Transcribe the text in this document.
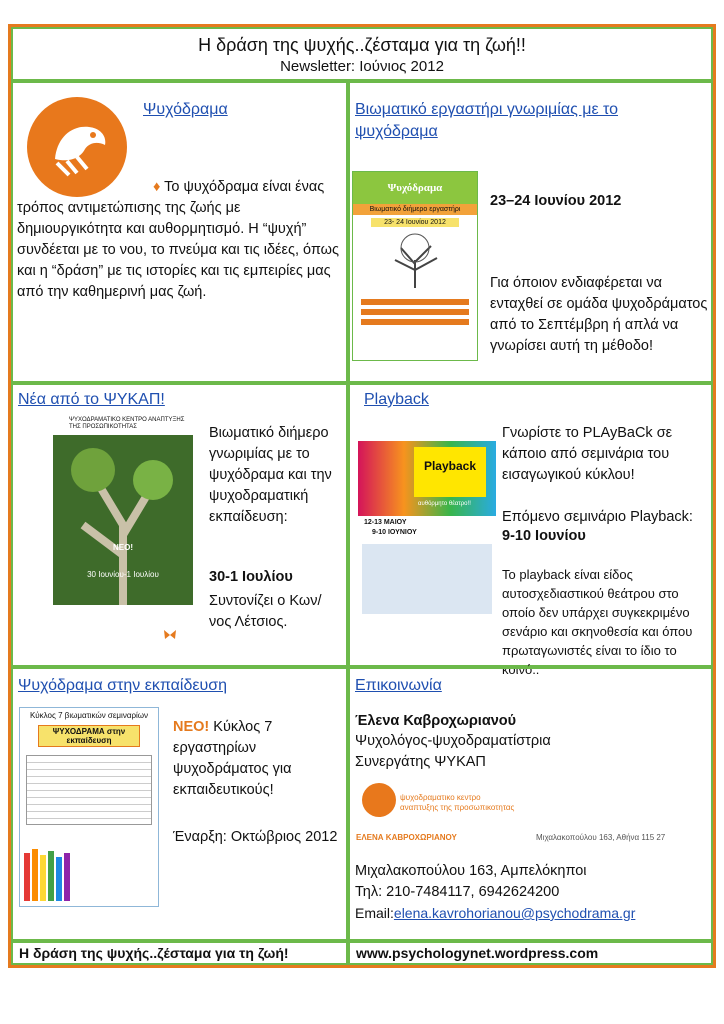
Η δράση της ψυχής..ζέσταμα για τη ζωή!!
Newsletter: Ιούνιος 2012
Ψυχόδραμα

♦ Το ψυχόδραμα είναι ένας

τρόπος αντιμετώπισης της ζωής με δημιουργικότητα και αυθορμητισμό. Η “ψυχή” συνδέεται με το νου, το πνεύμα και τις ιδέες, όπως και η “δράση” με τις ιστορίες και τις εμπειρίες μας από την καθημερινή μας ζωή.

Βιωματικό εργαστήρι γνωριμίας με το ψυχόδραμα
Ψυχόδραμα
Βιωματικό διήμερο εργαστήρι
23- 24 Ιουνίου 2012
23–24 Ιουνίου 2012

Για όποιον ενδιαφέρεται να ενταχθεί σε ομάδα ψυχοδράματος από το Σεπτέμβρη ή απλά να γνωρίσει αυτή τη μέθοδο!

Νέα από το ΨΥΚΑΠ!
ΨΥΧΟΔΡΑΜΑΤΙΚΟ ΚΕΝΤΡΟ ΑΝΑΠΤΥΞΗΣ ΤΗΣ ΠΡΟΣΩΠΙΚΟΤΗΤΑΣ
ΝΕΟ!
30 Ιουνίου-1 Ιουλίου

Βιωματικό διήμερο γνωριμίας με το ψυχόδραμα και την ψυχοδραματική εκπαίδευση:

30-1 Ιουλίου

Συντονίζει ο Κων/νος Λέτσιος.

Playback
Playback
αυθόρμητο θέατρο!!
12-13 ΜΑΙΟΥ
9-10 ΙΟΥΝΙΟΥ

Γνωρίστε το PLAyBaCk σε κάποιο από σεμινάρια του εισαγωγικού κύκλου!

Επόμενο σεμινάριο Playback:

9-10 Ιουνίου

Το playback είναι είδος αυτοσχεδιαστικού θεάτρου στο οποίο δεν υπάρχει συγκεκριμένο σενάριο και σκηνοθεσία και όπου πρωταγωνιστές είναι το ίδιο το κοινό..

Ψυχόδραμα στην εκπαίδευση
Κύκλος 7 βιωματικών σεμιναρίων
ΨΥΧΟΔΡΑΜΑ στην εκπαίδευση

ΝΕΟ! Κύκλος 7 εργαστηρίων ψυχοδράματος για εκπαιδευτικούς!

Έναρξη: Οκτώβριος 2012

Επικοινωνία
Έλενα Καβροχωριανού

Ψυχολόγος-ψυχοδραματίστρια

Συνεργάτης ΨΥΚΑΠ

ψυχοδραματικο κεντρο
αναπτυξης της προσωπικοτητας
ΕΛΕΝΑ ΚΑΒΡΟΧΩΡΙΑΝΟΥ	Μιχαλακοπούλου 163, Αθήνα 115 27

Μιχαλακοπούλου 163, Αμπελόκηποι

Τηλ: 210-7484117, 6942624200

Email:elena.kavrohorianou@psychodrama.gr

Η δράση της ψυχής..ζέσταμα για τη ζωή!	www.psychologynet.wordpress.com
